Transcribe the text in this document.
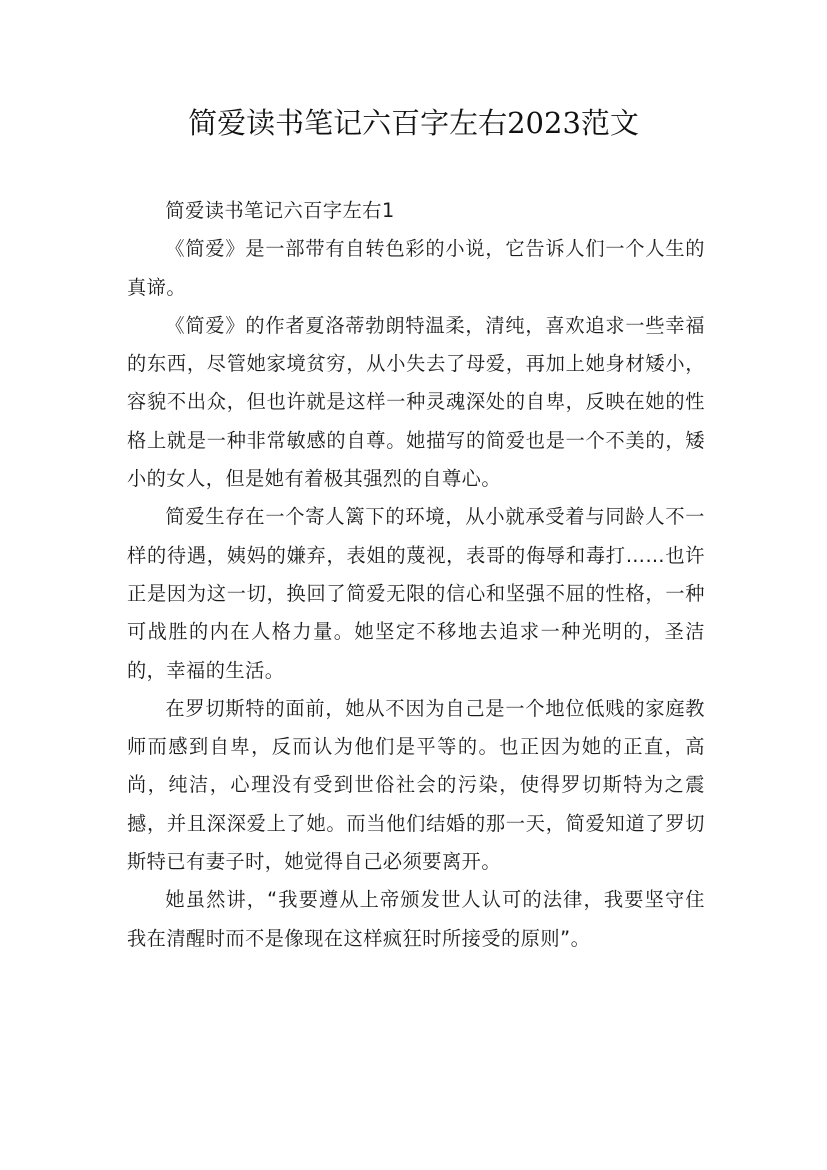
简爱读书笔记六百字左右2023范文

简爱读书笔记六百字左右1

《简爱》是一部带有自转色彩的小说，它告诉人们一个人生的真谛。

《简爱》的作者夏洛蒂勃朗特温柔，清纯，喜欢追求一些幸福的东西，尽管她家境贫穷，从小失去了母爱，再加上她身材矮小，容貌不出众，但也许就是这样一种灵魂深处的自卑，反映在她的性格上就是一种非常敏感的自尊。她描写的简爱也是一个不美的，矮小的女人，但是她有着极其强烈的自尊心。

简爱生存在一个寄人篱下的环境，从小就承受着与同龄人不一样的待遇，姨妈的嫌弃，表姐的蔑视，表哥的侮辱和毒打……也许正是因为这一切，换回了简爱无限的信心和坚强不屈的性格，一种可战胜的内在人格力量。她坚定不移地去追求一种光明的，圣洁的，幸福的生活。

在罗切斯特的面前，她从不因为自己是一个地位低贱的家庭教师而感到自卑，反而认为他们是平等的。也正因为她的正直，高尚，纯洁，心理没有受到世俗社会的污染，使得罗切斯特为之震撼，并且深深爱上了她。而当他们结婚的那一天，简爱知道了罗切斯特已有妻子时，她觉得自己必须要离开。

她虽然讲，“我要遵从上帝颁发世人认可的法律，我要坚守住我在清醒时而不是像现在这样疯狂时所接受的原则”。
